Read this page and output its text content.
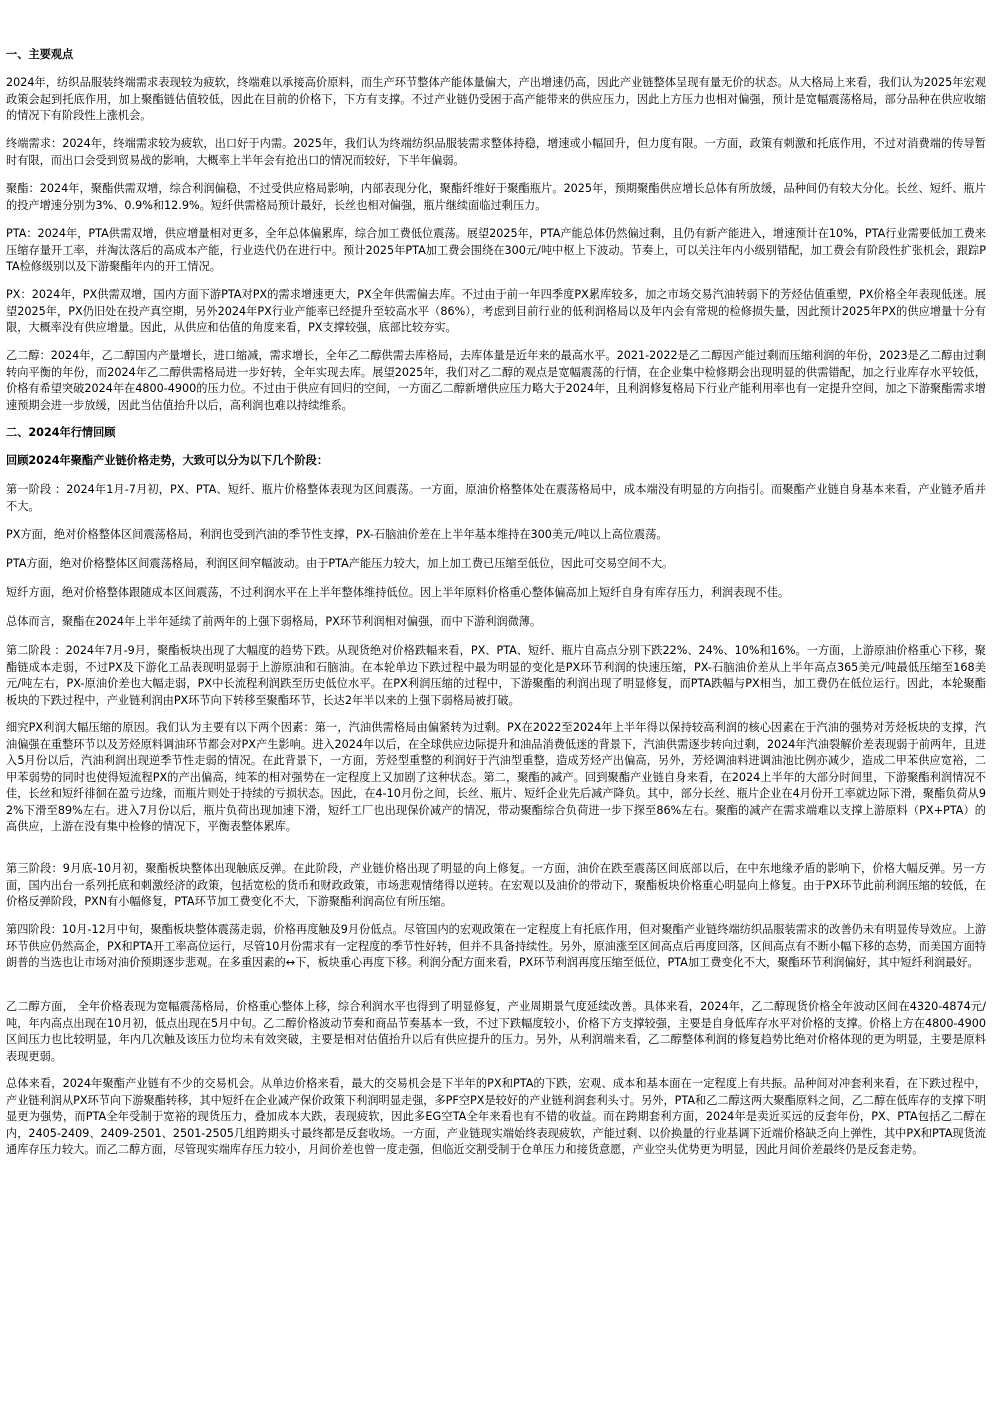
一、主要观点

2024年，纺织品服装终端需求表现较为疲软，终端难以承接高价原料，而生产环节整体产能体量偏大，产出增速仍高，因此产业链整体呈现有量无价的状态。从大格局上来看，我们认为2025年宏观政策会起到托底作用，加上聚酯链估值较低，因此在目前的价格下，下方有支撑。不过产业链仍受困于高产能带来的供应压力，因此上方压力也相对偏强，预计是宽幅震荡格局，部分品种在供应收缩的情况下有阶段性上涨机会。

终端需求：2024年，终端需求较为疲软，出口好于内需。2025年，我们认为终端纺织品服装需求整体持稳，增速或小幅回升，但力度有限。一方面，政策有刺激和托底作用，不过对消费端的传导暂时有限，而出口会受到贸易战的影响，大概率上半年会有抢出口的情况而较好，下半年偏弱。

聚酯：2024年，聚酯供需双增，综合利润偏稳，不过受供应格局影响，内部表现分化，聚酯纤维好于聚酯瓶片。2025年，预期聚酯供应增长总体有所放缓，品种间仍有较大分化。长丝、短纤、瓶片的投产增速分别为3%、0.9%和12.9%。短纤供需格局预计最好，长丝也相对偏强，瓶片继续面临过剩压力。

PTA：2024年，PTA供需双增，供应增量相对更多，全年总体偏累库，综合加工费低位震荡。展望2025年，PTA产能总体仍然偏过剩，且仍有新产能进入，增速预计在10%，PTA行业需要低加工费来压缩存量开工率，并淘汰落后的高成本产能，行业迭代仍在进行中。预计2025年PTA加工费会围绕在300元/吨中枢上下波动。节奏上，可以关注年内小级别错配，加工费会有阶段性扩张机会，跟踪PTA检修级别以及下游聚酯年内的开工情况。

PX：2024年，PX供需双增，国内方面下游PTA对PX的需求增速更大，PX全年供需偏去库。不过由于前一年四季度PX累库较多，加之市场交易汽油转弱下的芳烃估值重塑，PX价格全年表现低迷。展望2025年，PX仍旧处在投产真空期，另外2024年PX行业产能率已经提升至较高水平（86%），考虑到目前行业的低利润格局以及年内会有常规的检修损失量，因此预计2025年PX的供应增量十分有限，大概率没有供应增量。因此，从供应和估值的角度来看，PX支撑较强，底部比较夯实。

乙二醇：2024年，乙二醇国内产量增长，进口缩减，需求增长，全年乙二醇供需去库格局，去库体量是近年来的最高水平。2021-2022是乙二醇因产能过剩而压缩利润的年份，2023是乙二醇由过剩转向平衡的年份，而2024年乙二醇供需格局进一步好转，全年实现去库。展望2025年，我们对乙二醇的观点是宽幅震荡的行情，在企业集中检修期会出现明显的供需错配，加之行业库存水平较低，价格有希望突破2024年在4800-4900的压力位。不过由于供应有回归的空间，一方面乙二醇新增供应压力略大于2024年，且利润修复格局下行业产能利用率也有一定提升空间，加之下游聚酯需求增速预期会进一步放缓，因此当估值抬升以后，高利润也难以持续维系。

二、2024年行情回顾

回顾2024年聚酯产业链价格走势，大致可以分为以下几个阶段：

第一阶段 ：2024年1月-7月初，PX、PTA、短纤、瓶片价格整体表现为区间震荡。一方面，原油价格整体处在震荡格局中，成本端没有明显的方向指引。而聚酯产业链自身基本来看，产业链矛盾并不大。

PX方面，绝对价格整体区间震荡格局，利润也受到汽油的季节性支撑，PX-石脑油价差在上半年基本维持在300美元/吨以上高位震荡。

PTA方面，绝对价格整体区间震荡格局，利润区间窄幅波动。由于PTA产能压力较大，加上加工费已压缩至低位，因此可交易空间不大。

短纤方面，绝对价格整体跟随成本区间震荡，不过利润水平在上半年整体维持低位。因上半年原料价格重心整体偏高加上短纤自身有库存压力，利润表现不佳。

总体而言，聚酯在2024年上半年延续了前两年的上强下弱格局，PX环节利润相对偏强，而中下游利润微薄。

第二阶段 ：2024年7月-9月，聚酯板块出现了大幅度的趋势下跌。从现货绝对价格跌幅来看，PX、PTA、短纤、瓶片自高点分别下跌22%、24%、10%和16%。一方面，上游原油价格重心下移，聚酯链成本走弱，不过PX及下游化工品表现明显弱于上游原油和石脑油。在本轮单边下跌过程中最为明显的变化是PX环节利润的快速压缩，PX-石脑油价差从上半年高点365美元/吨最低压缩至168美元/吨左右，PX-原油价差也大幅走弱，PX中长流程利润跌至历史低位水平。在PX利润压缩的过程中，下游聚酯的利润出现了明显修复，而PTA跌幅与PX相当，加工费仍在低位运行。因此，本轮聚酯板块的下跌过程中，产业链利润由PX环节向下转移至聚酯环节，长达2年半以来的上强下弱格局被打破。

细究PX利润大幅压缩的原因。我们认为主要有以下两个因素：第一，汽油供需格局由偏紧转为过剩。PX在2022至2024年上半年得以保持较高利润的核心因素在于汽油的强势对芳烃板块的支撑，汽油偏强在重整环节以及芳烃原料调油环节都会对PX产生影响。进入2024年以后，在全球供应边际提升和油品消费低迷的背景下，汽油供需逐步转向过剩，2024年汽油裂解价差表现弱于前两年，且进入5月份以后，汽油利润出现逆季节性走弱的情况。在此背景下，一方面，芳烃型重整的利润好于汽油型重整，造成芳烃产出偏高，另外，芳烃调油料进调油池比例亦减少，造成二甲苯供应宽裕，二甲苯弱势的同时也使得短流程PX的产出偏高，纯苯的相对强势在一定程度上又加剧了这种状态。第二，聚酯的减产。回到聚酯产业链自身来看，在2024上半年的大部分时间里，下游聚酯利润情况不佳，长丝和短纤徘徊在盈亏边缘，而瓶片则处于持续的亏损状态。因此，在4-10月份之间，长丝、瓶片、短纤企业先后减产降负。其中，部分长丝、瓶片企业在4月份开工率就边际下滑，聚酯负荷从92%下滑至89%左右。进入7月份以后，瓶片负荷出现加速下滑，短纤工厂也出现保价减产的情况，带动聚酯综合负荷进一步下探至86%左右。聚酯的减产在需求端难以支撑上游原料（PX+PTA）的高供应，上游在没有集中检修的情况下，平衡表整体累库。

第三阶段：9月底-10月初，聚酯板块整体出现触底反弹。在此阶段，产业链价格出现了明显的向上修复。一方面，油价在跌至震荡区间底部以后，在中东地缘矛盾的影响下，价格大幅反弹。另一方面，国内出台一系列托底和刺激经济的政策，包括宽松的货币和财政政策，市场悲观情绪得以逆转。在宏观以及油价的带动下，聚酯板块价格重心明显向上修复。由于PX环节此前利润压缩的较低，在价格反弹阶段，PXN有小幅修复，PTA环节加工费变化不大，下游聚酯利润高位有所压缩。

第四阶段：10月-12月中旬，聚酯板块整体震荡走弱，价格再度触及9月份低点。尽管国内的宏观政策在一定程度上有托底作用，但对聚酯产业链终端纺织品服装需求的改善仍未有明显传导效应。上游环节供应仍然高企，PX和PTA开工率高位运行，尽管10月份需求有一定程度的季节性好转，但并不具备持续性。另外，原油涨至区间高点后再度回落，区间高点有不断小幅下移的态势，而美国方面特朗普的当选也让市场对油价预期逐步悲观。在多重因素的↔下，板块重心再度下移。利润分配方面来看，PX环节利润再度压缩至低位，PTA加工费变化不大，聚酯环节利润偏好，其中短纤利润最好。

乙二醇方面， 全年价格表现为宽幅震荡格局，价格重心整体上移，综合利润水平也得到了明显修复，产业周期景气度延续改善。具体来看，2024年，乙二醇现货价格全年波动区间在4320-4874元/吨，年内高点出现在10月初，低点出现在5月中旬。乙二醇价格波动节奏和商品节奏基本一致，不过下跌幅度较小，价格下方支撑较强，主要是自身低库存水平对价格的支撑。价格上方在4800-4900区间压力也比较明显，年内几次触及该压力位均未有效突破，主要是相对估值抬升以后有供应提升的压力。另外，从利润端来看，乙二醇整体利润的修复趋势比绝对价格体现的更为明显，主要是原料表现更弱。

总体来看，2024年聚酯产业链有不少的交易机会。从单边价格来看，最大的交易机会是下半年的PX和PTA的下跌，宏观、成本和基本面在一定程度上有共振。品种间对冲套利来看，在下跌过程中，产业链利润从PX环节向下游聚酯转移，其中短纤在企业减产保价政策下利润明显走强，多PF空PX是较好的产业链利润套利头寸。另外，PTA和乙二醇这两大聚酯原料之间，乙二醇在低库存的支撑下明显更为强势，而PTA全年受制于宽裕的现货压力，叠加成本大跌，表现疲软，因此多EG空TA全年来看也有不错的收益。而在跨期套利方面，2024年是卖近买远的反套年份，PX、PTA包括乙二醇在内，2405-2409、2409-2501、2501-2505几组跨期头寸最终都是反套收场。一方面，产业链现实端始终表现疲软，产能过剩、以价换量的行业基调下近端价格缺乏向上弹性，其中PX和PTA现货流通库存压力较大。而乙二醇方面，尽管现实端库存压力较小，月间价差也曾一度走强，但临近交割受制于仓单压力和接货意愿，产业空头优势更为明显，因此月间价差最终仍是反套走势。
